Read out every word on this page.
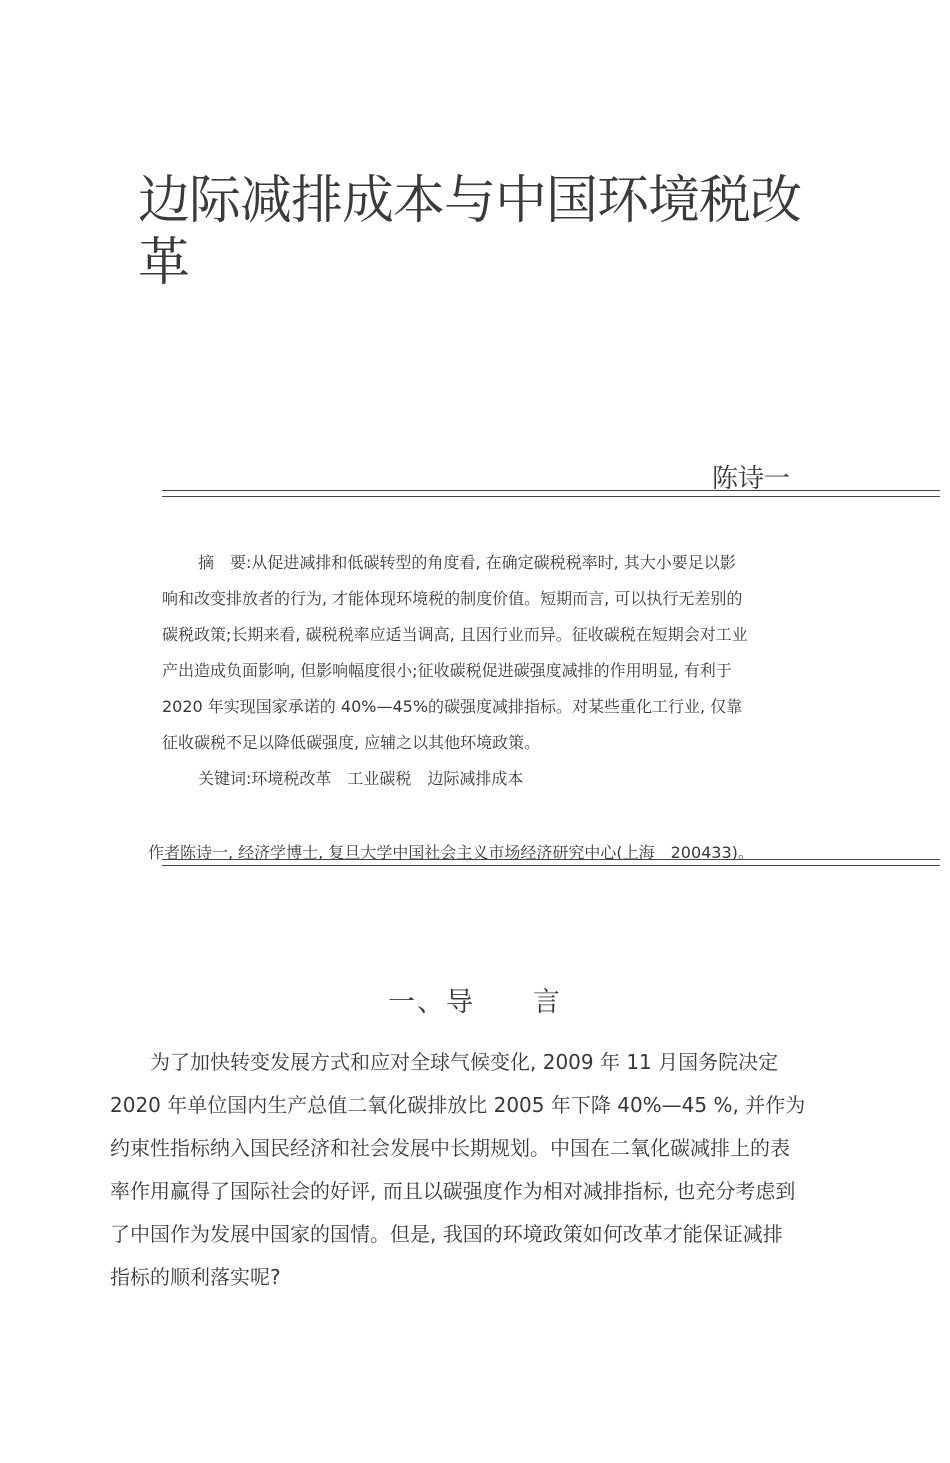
边际减排成本与中国环境税改革
陈诗一
摘　要:从促进减排和低碳转型的角度看, 在确定碳税税率时, 其大小要足以影
响和改变排放者的行为, 才能体现环境税的制度价值。短期而言, 可以执行无差别的
碳税政策;长期来看, 碳税税率应适当调高, 且因行业而异。征收碳税在短期会对工业
产出造成负面影响, 但影响幅度很小;征收碳税促进碳强度减排的作用明显, 有利于
2020 年实现国家承诺的 40%—45%的碳强度减排指标。对某些重化工行业, 仅靠
征收碳税不足以降低碳强度, 应辅之以其他环境政策。
关键词:环境税改革　工业碳税　边际减排成本
作者陈诗一, 经济学博士, 复旦大学中国社会主义市场经济研究中心(上海　200433)。
一、导　　言
为了加快转变发展方式和应对全球气候变化, 2009 年 11 月国务院决定
2020 年单位国内生产总值二氧化碳排放比 2005 年下降 40%—45 %, 并作为
约束性指标纳入国民经济和社会发展中长期规划。中国在二氧化碳减排上的表
率作用赢得了国际社会的好评, 而且以碳强度作为相对减排指标, 也充分考虑到
了中国作为发展中国家的国情。但是, 我国的环境政策如何改革才能保证减排
指标的顺利落实呢?
